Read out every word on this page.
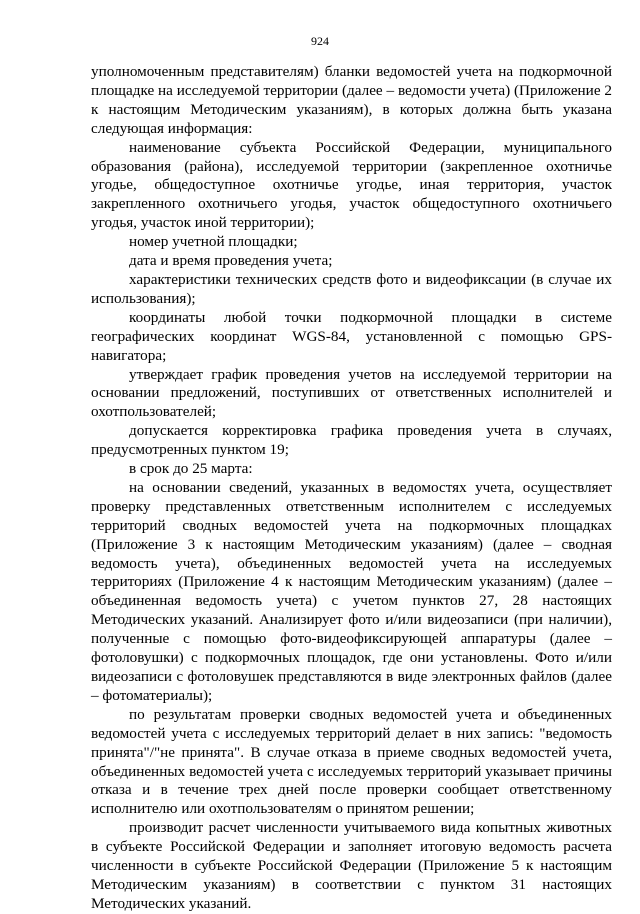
924

уполномоченным представителям) бланки ведомостей учета на подкормочной площадке на исследуемой территории (далее – ведомости учета) (Приложение 2 к настоящим Методическим указаниям), в которых должна быть указана следующая информация:

наименование субъекта Российской Федерации, муниципального образования (района), исследуемой территории (закрепленное охотничье угодье, общедоступное охотничье угодье, иная территория, участок закрепленного охотничьего угодья, участок общедоступного охотничьего угодья, участок иной территории);

номер учетной площадки;

дата и время проведения учета;

характеристики технических средств фото и видеофиксации (в случае их использования);

координаты любой точки подкормочной площадки в системе географических координат WGS-84, установленной с помощью GPS-навигатора;

утверждает график проведения учетов на исследуемой территории на основании предложений, поступивших от ответственных исполнителей и охотпользователей;

допускается корректировка графика проведения учета в случаях, предусмотренных пунктом 19;

в срок до 25 марта:

на основании сведений, указанных в ведомостях учета, осуществляет проверку представленных ответственным исполнителем с исследуемых территорий сводных ведомостей учета на подкормочных площадках (Приложение 3 к настоящим Методическим указаниям) (далее – сводная ведомость учета), объединенных ведомостей учета на исследуемых территориях (Приложение 4 к настоящим Методическим указаниям) (далее – объединенная ведомость учета) с учетом пунктов 27, 28 настоящих Методических указаний. Анализирует фото и/или видеозаписи (при наличии), полученные с помощью фото-видеофиксирующей аппаратуры (далее – фотоловушки) с подкормочных площадок, где они установлены. Фото и/или видеозаписи с фотоловушек представляются в виде электронных файлов (далее – фотоматериалы);

по результатам проверки сводных ведомостей учета и объединенных ведомостей учета с исследуемых территорий делает в них запись: "ведомость принята"/"не принята". В случае отказа в приеме сводных ведомостей учета, объединенных ведомостей учета с исследуемых территорий указывает причины отказа и в течение трех дней после проверки сообщает ответственному исполнителю или охотпользователям о принятом решении;

производит расчет численности учитываемого вида копытных животных в субъекте Российской Федерации и заполняет итоговую ведомость расчета численности в субъекте Российской Федерации (Приложение 5 к настоящим Методическим указаниям) в соответствии с пунктом 31 настоящих Методических указаний.
